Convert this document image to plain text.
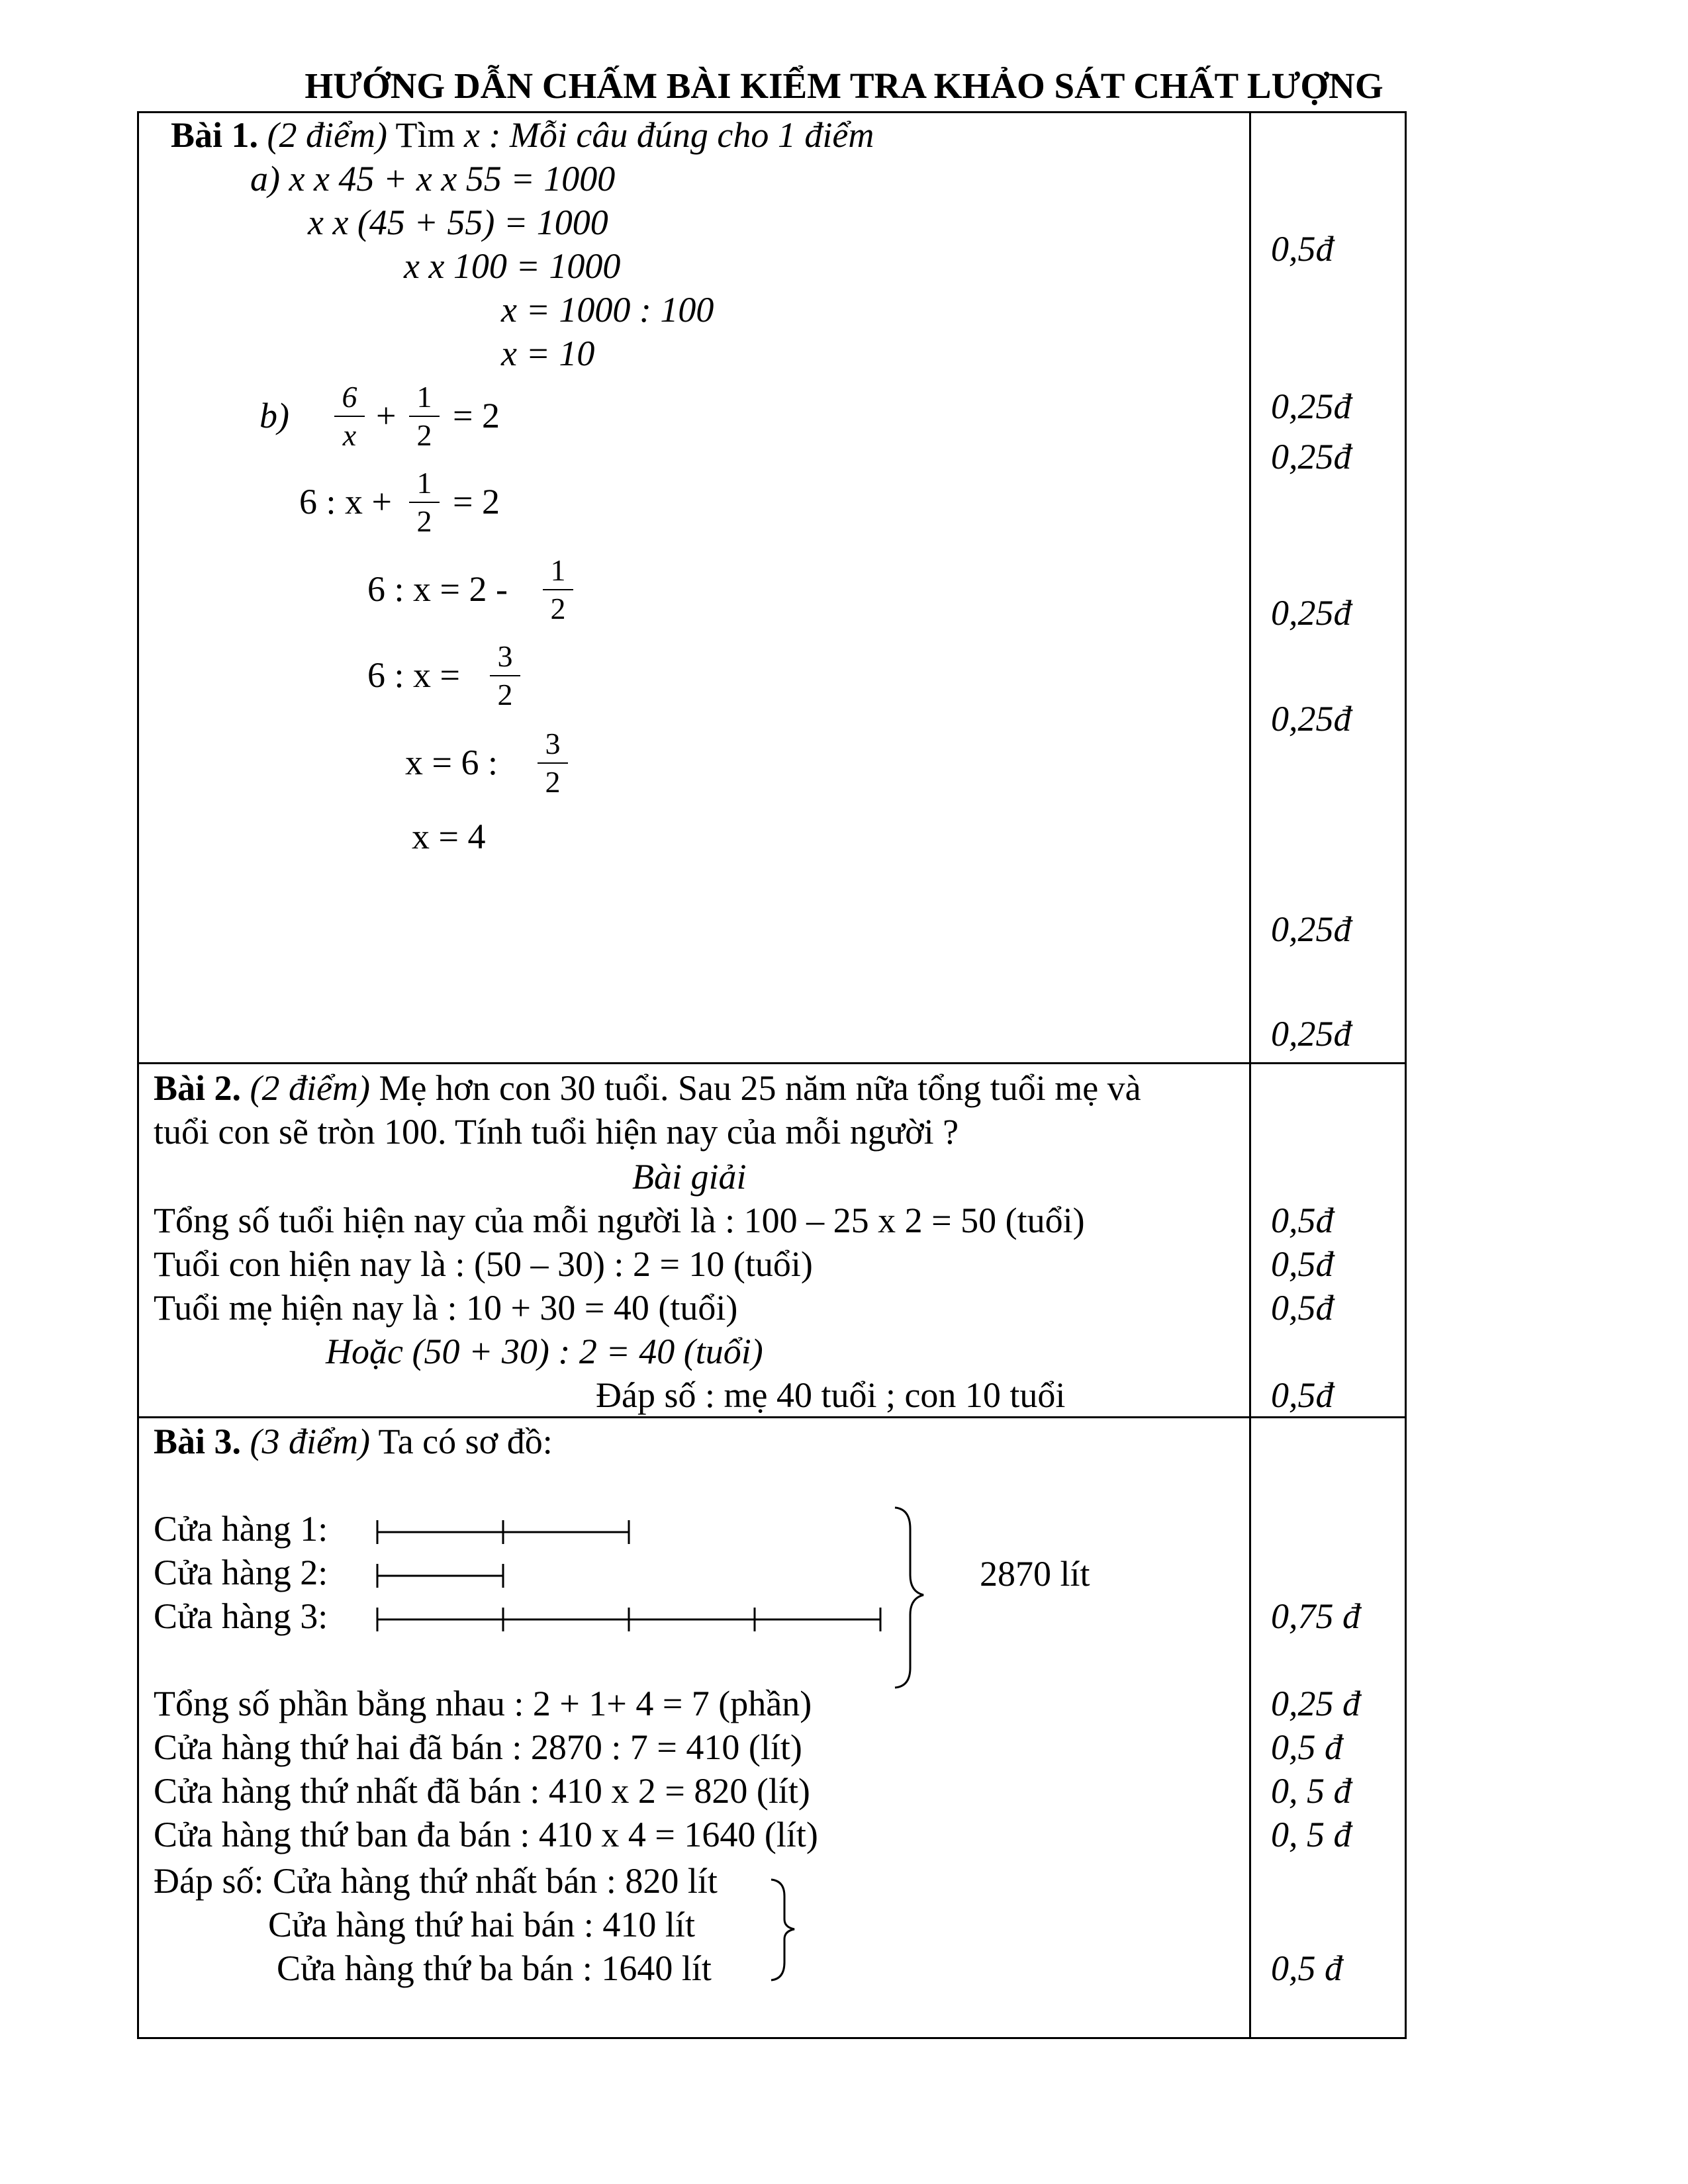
HƯỚNG DẪN CHẤM BÀI KIỂM TRA KHẢO SÁT CHẤT LƯỢNG
Bài 1. (2 điểm) Tìm x : Mỗi câu đúng cho 1 điểm
a) x x 45 + x x 55 = 1000
x x (45 + 55) = 1000
x x 100 = 1000
x = 1000 : 100
x = 10
b) 6
x + 1
2 = 2
6 : x + 1
2 = 2
6 : x = 2 - 1
2
6 : x = 3
2
x = 6 : 3
2
x = 4
0,5đ
0,25đ
0,25đ
0,25đ
0,25đ
0,25đ
0,25đ
Bài 2. (2 điểm) Mẹ hơn con 30 tuổi. Sau 25 năm nữa tổng tuổi mẹ và
tuổi con sẽ tròn 100. Tính tuổi hiện nay của mỗi người ?
Bài giải
Tổng số tuổi hiện nay của mỗi người là : 100 – 25 x 2 = 50 (tuổi)
Tuổi con hiện nay là : (50 – 30) : 2 = 10 (tuổi)
Tuổi mẹ hiện nay là : 10 + 30 = 40 (tuổi)
Hoặc (50 + 30) : 2 = 40 (tuổi)
Đáp số : mẹ 40 tuổi ; con 10 tuổi
0,5đ
0,5đ
0,5đ
0,5đ
Bài 3. (3 điểm) Ta có sơ đồ:
Cửa hàng 1:
Cửa hàng 2:
Cửa hàng 3:
2870 lít
Tổng số phần bằng nhau : 2 + 1+ 4 = 7 (phần)
Cửa hàng thứ hai đã bán : 2870 : 7 = 410 (lít)
Cửa hàng thứ nhất đã bán : 410 x 2 = 820 (lít)
Cửa hàng thứ ban đa bán : 410 x 4 = 1640 (lít)
Đáp số: Cửa hàng thứ nhất bán : 820 lít
Cửa hàng thứ hai bán : 410 lít
Cửa hàng thứ ba bán : 1640 lít
0,75 đ
0,25 đ
0,5 đ
0, 5 đ
0, 5 đ
0,5 đ
